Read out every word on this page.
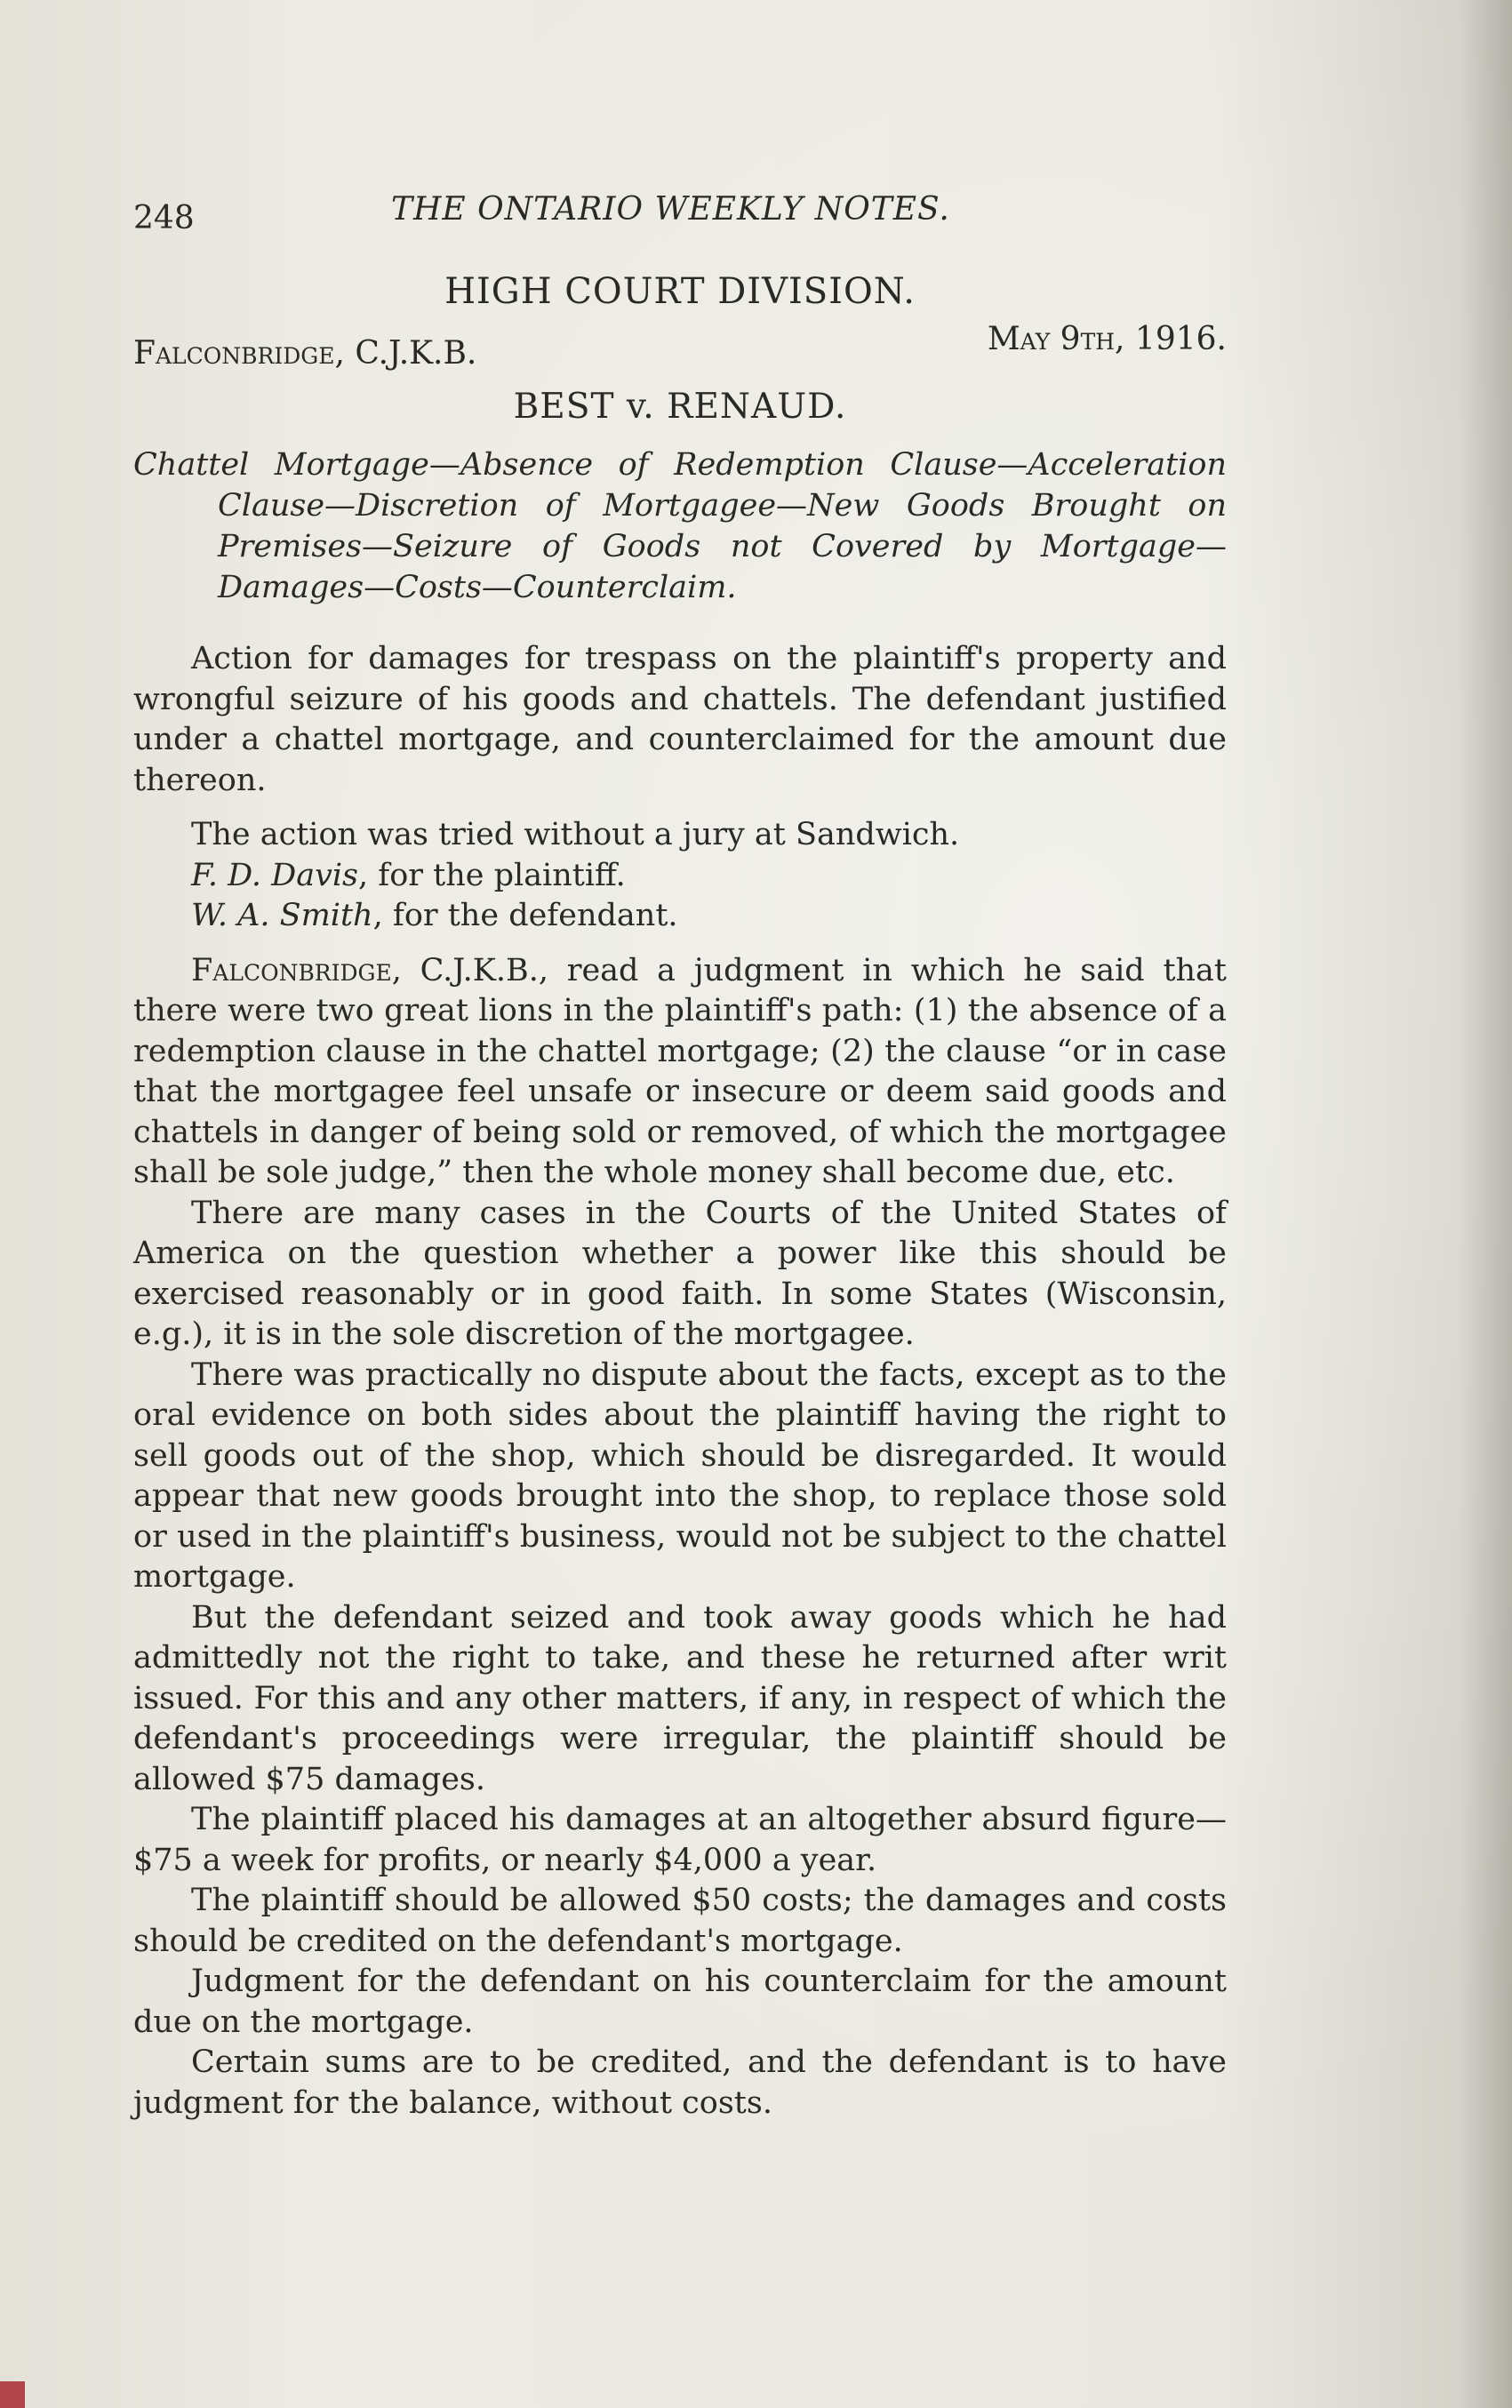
248	THE ONTARIO WEEKLY NOTES.
HIGH COURT DIVISION.
Falconbridge, C.J.K.B.	May 9th, 1916.
BEST v. RENAUD.

Chattel Mortgage—Absence of Redemption Clause—Acceleration Clause—Discretion of Mortgagee—New Goods Brought on Premises—Seizure of Goods not Covered by Mortgage—Damages—Costs—Counterclaim.

Action for damages for trespass on the plaintiff's property and wrongful seizure of his goods and chattels. The defendant justified under a chattel mortgage, and counterclaimed for the amount due thereon.

The action was tried without a jury at Sandwich.

F. D. Davis, for the plaintiff.

W. A. Smith, for the defendant.

Falconbridge, C.J.K.B., read a judgment in which he said that there were two great lions in the plaintiff's path: (1) the absence of a redemption clause in the chattel mortgage; (2) the clause “or in case that the mortgagee feel unsafe or insecure or deem said goods and chattels in danger of being sold or removed, of which the mortgagee shall be sole judge,” then the whole money shall become due, etc.

There are many cases in the Courts of the United States of America on the question whether a power like this should be exercised reasonably or in good faith. In some States (Wisconsin, e.g.), it is in the sole discretion of the mortgagee.

There was practically no dispute about the facts, except as to the oral evidence on both sides about the plaintiff having the right to sell goods out of the shop, which should be disregarded. It would appear that new goods brought into the shop, to replace those sold or used in the plaintiff's business, would not be subject to the chattel mortgage.

But the defendant seized and took away goods which he had admittedly not the right to take, and these he returned after writ issued. For this and any other matters, if any, in respect of which the defendant's proceedings were irregular, the plaintiff should be allowed $75 damages.

The plaintiff placed his damages at an altogether absurd figure—$75 a week for profits, or nearly $4,000 a year.

The plaintiff should be allowed $50 costs; the damages and costs should be credited on the defendant's mortgage.

Judgment for the defendant on his counterclaim for the amount due on the mortgage.

Certain sums are to be credited, and the defendant is to have judgment for the balance, without costs.
